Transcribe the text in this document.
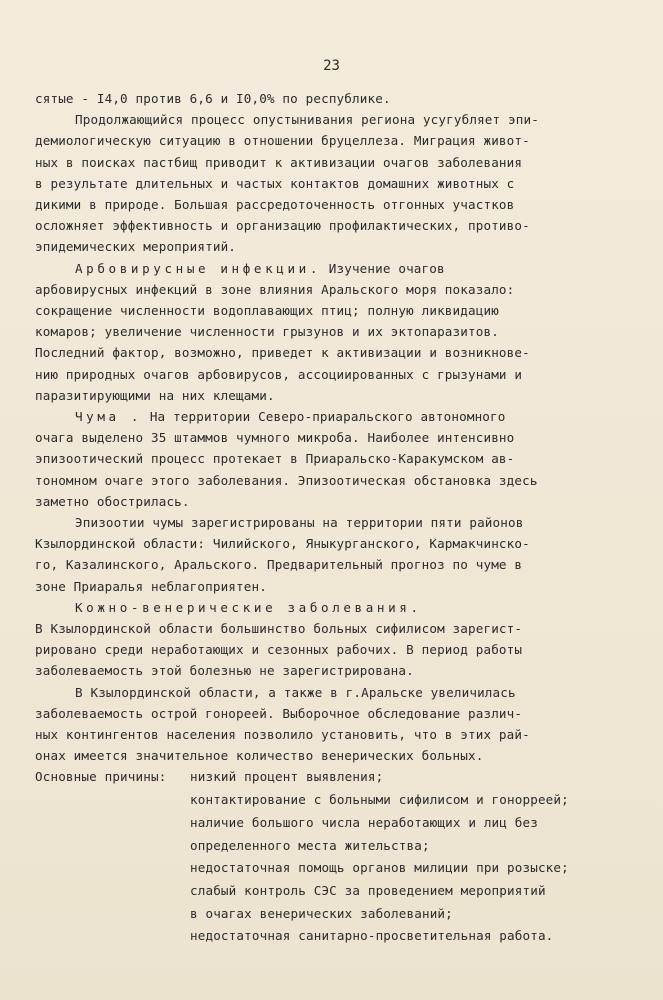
23
сятые - I4,0 против 6,6 и I0,0% по республике.
Продолжающийся процесс опустынивания региона усугубляет эпи-
демиологическую ситуацию в отношении бруцеллеза. Миграция живот-
ных в поисках пастбищ приводит к активизации очагов заболевания
в результате длительных и частых контактов домашних животных с
дикими в природе. Большая рассредоточенность отгонных участков
осложняет эффективность и организацию профилактических, противо-
эпидемических мероприятий.
Арбовирусные инфекции. Изучение очагов
арбовирусных инфекций в зоне влияния Аральского моря показало:
сокращение численности водоплавающих птиц; полную ликвидацию
комаров; увеличение численности грызунов и их эктопаразитов.
Последний фактор, возможно, приведет к активизации и возникнове-
нию природных очагов арбовирусов, ассоциированных с грызунами и
паразитирующими на них клещами.
Чума . На территории Северо-приаральского автономного
очага выделено 35 штаммов чумного микроба. Наиболее интенсивно
эпизоотический процесс протекает в Приаральско-Каракумском ав-
тономном очаге этого заболевания. Эпизоотическая обстановка здесь
заметно обострилась.
Эпизоотии чумы зарегистрированы на территории пяти районов
Кзылординской области: Чилийского, Яныкурганского, Кармакчинско-
го, Казалинского, Аральского. Предварительный прогноз по чуме в
зоне Приаралья неблагоприятен.
Кожно-венерические заболевания.
В Кзылординской области большинство больных сифилисом зарегист-
рировано среди неработающих и сезонных рабочих. В период работы
заболеваемость этой болезнью не зарегистрирована.
В Кзылординской области, а также в г.Аральске увеличилась
заболеваемость острой гонореей. Выборочное обследование различ-
ных контингентов населения позволило установить, что в этих рай-
онах имеется значительное количество венерических больных.
Основные причины: низкий процент выявления;
контактирование с больными сифилисом и гонорреей;
наличие большого числа неработающих и лиц без
определенного места жительства;
недостаточная помощь органов милиции при розыске;
слабый контроль СЭС за проведением мероприятий
в очагах венерических заболеваний;
недостаточная санитарно-просветительная работа.
